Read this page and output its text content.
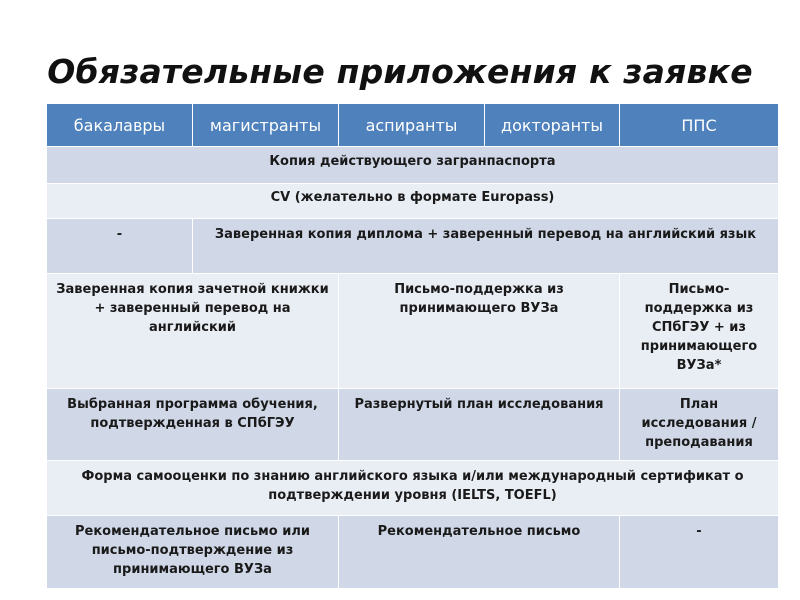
Обязательные приложения к заявке
бакалавры	магистранты	аспиранты	докторанты	ППС
Копия действующего загранпаспорта				
CV (желательно в формате Europass)				
-	Заверенная копия диплома + заверенный перевод на английский язык			
Заверенная копия зачетной книжки + заверенный перевод на английский		Письмо-поддержка из принимающего ВУЗа		Письмо-поддержка из СПбГЭУ + из принимающего ВУЗа*
Выбранная программа обучения, подтвержденная в СПбГЭУ		Развернутый план исследования		План исследования / преподавания
Форма самооценки по знанию английского языка и/или международный сертификат о подтверждении уровня (IELTS, TOEFL)				
Рекомендательное письмо или письмо-подтверждение из принимающего ВУЗа		Рекомендательное письмо		-
